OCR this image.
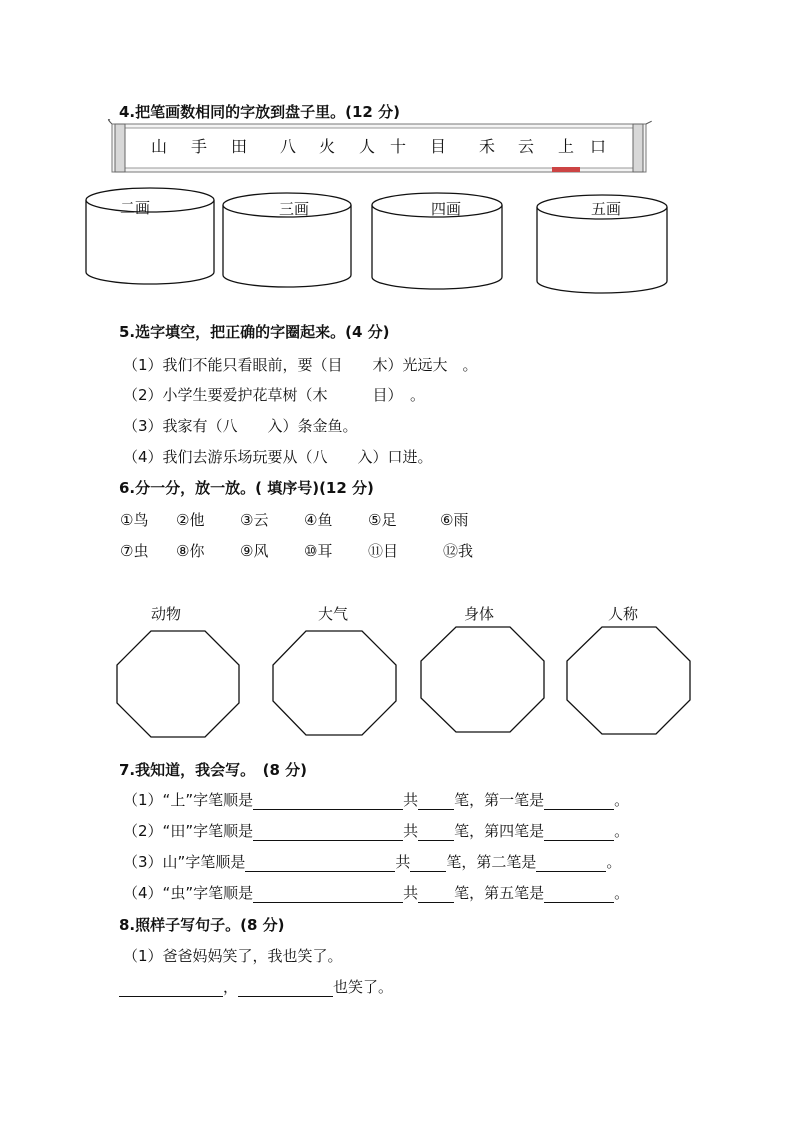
4.把笔画数相同的字放到盘子里。(12 分)
山 手 田 八 火 人 十 目 禾 云 上 口
二画	三画	四画	五画
5.选字填空，把正确的字圈起来。(4 分)
（1）我们不能只看眼前，要（目　　木）光远大　。
（2）小学生要爱护花草树（木　　　目）　。
（3）我家有（八　　入）条金鱼。
（4）我们去游乐场玩要从（八　　入）口进。
6.分一分，放一放。( 填序号)(12 分)
①鸟 ②他 ③云 ④鱼 ⑤足	⑥雨
⑦虫 ⑧你 ⑨风 ⑩耳 ⑪目	⑫我
动物	大气	身体	人称
7.我知道，我会写。　(8 分)
（1）“上”字笔顺是	共 笔，第一笔是	。
（2）“田”字笔顺是	共 笔，第四笔是	。
（3）山”字笔顺是	共 笔，第二笔是	。
（4）“虫”字笔顺是	共 笔，第五笔是	。
8.照样子写句子。(8 分)
（1）爸爸妈妈笑了，我也笑了。
，	也笑了。
